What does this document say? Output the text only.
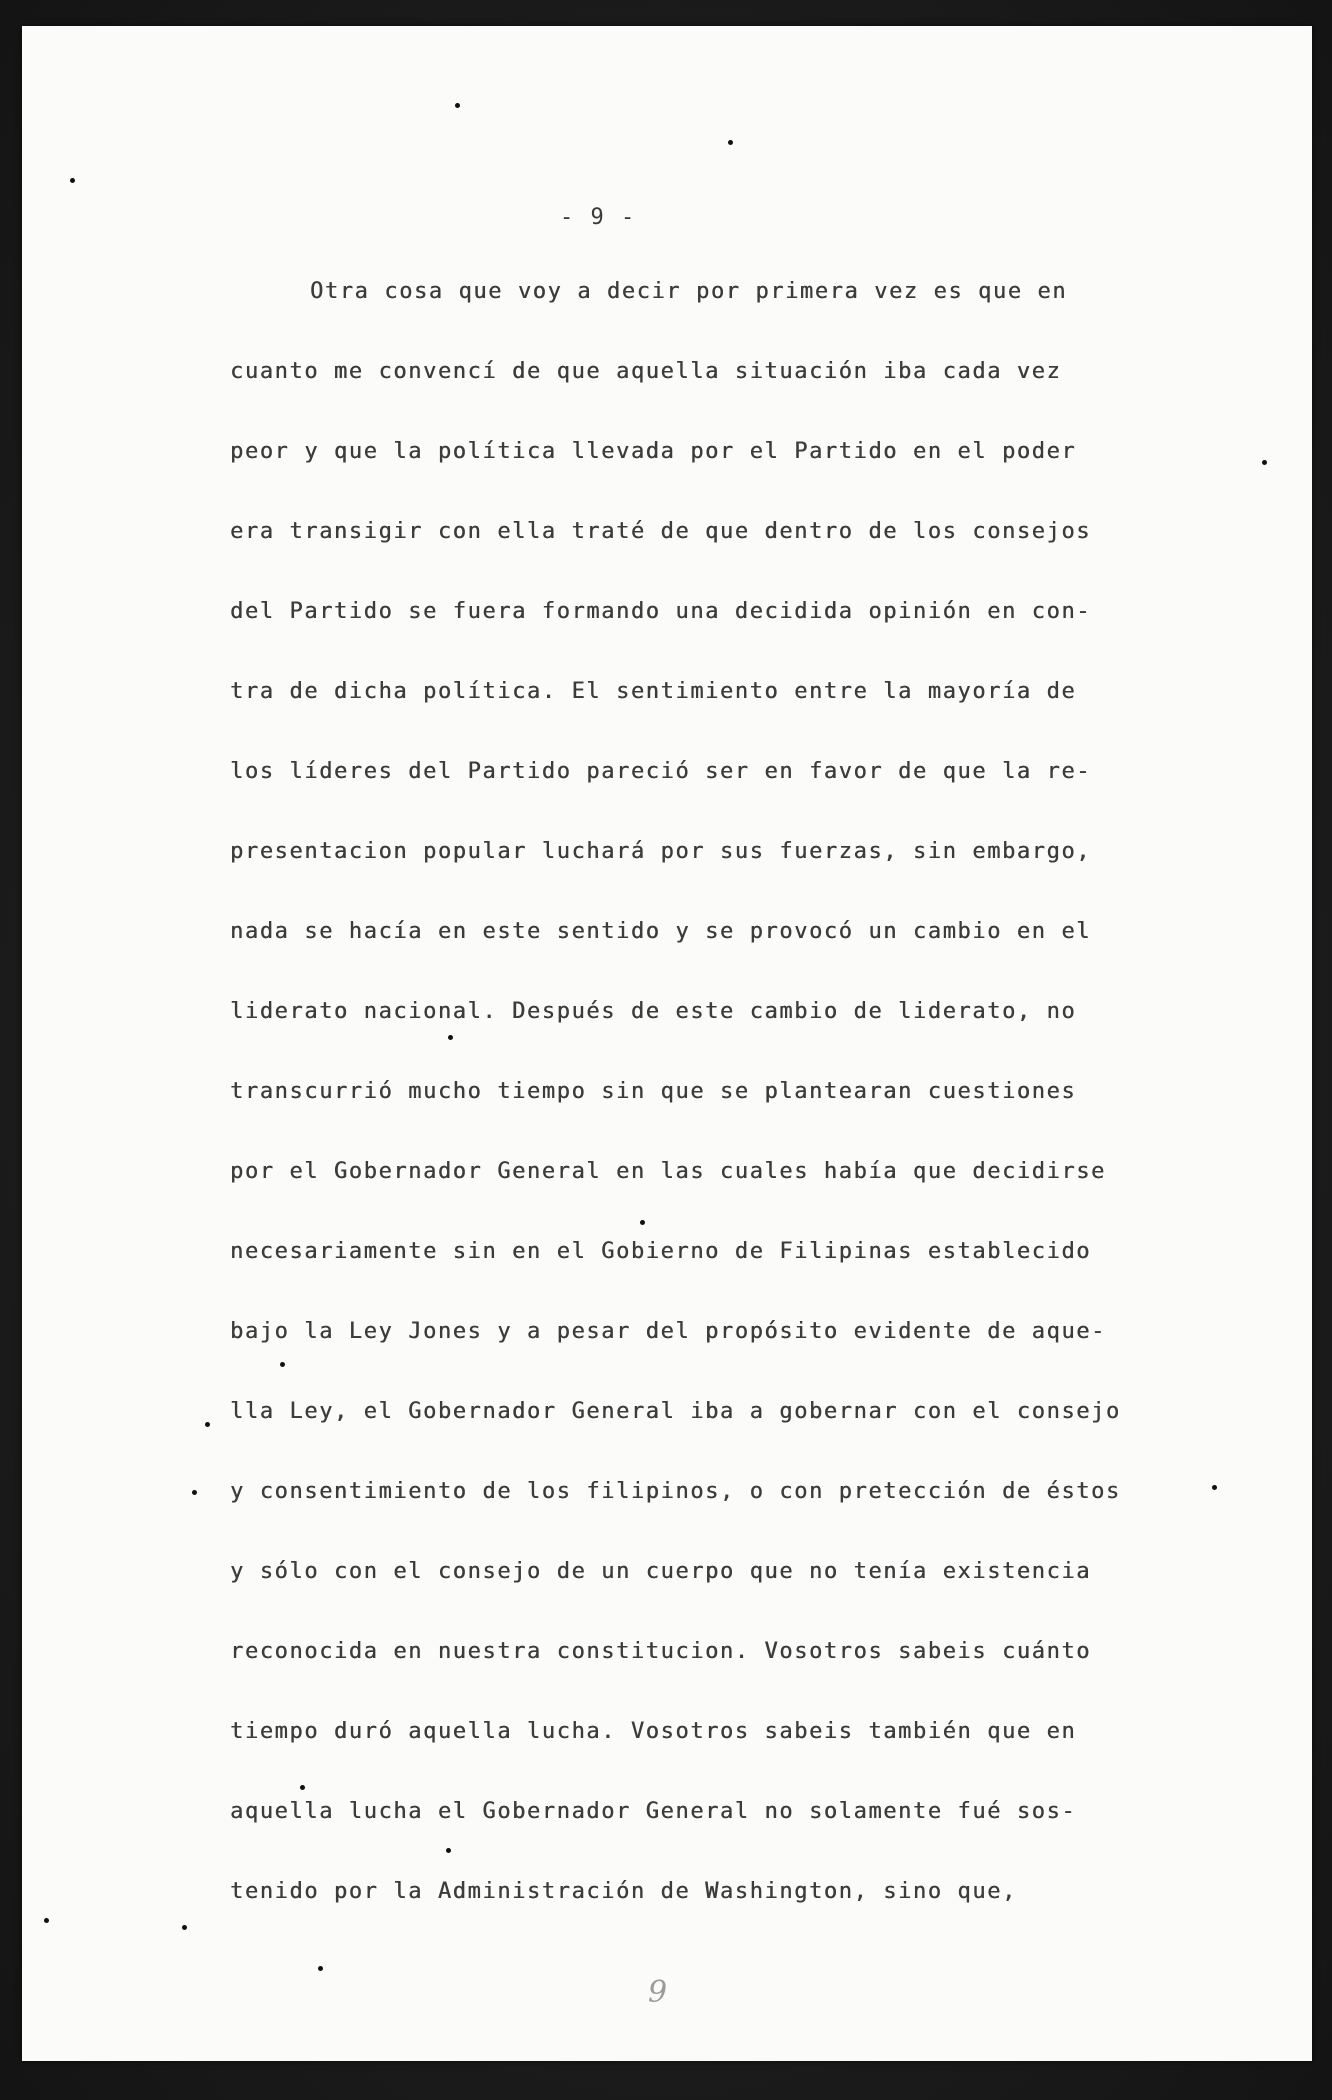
- 9 -
Otra cosa que voy a decir por primera vez es que en
cuanto me convencí de que aquella situación iba cada vez
peor y que la política llevada por el Partido en el poder
era transigir con ella traté de que dentro de los consejos
del Partido se fuera formando una decidida opinión en con-
tra de dicha política. El sentimiento entre la mayoría de
los líderes del Partido pareció ser en favor de que la re-
presentacion popular luchará por sus fuerzas, sin embargo,
nada se hacía en este sentido y se provocó un cambio en el
liderato nacional. Después de este cambio de liderato, no
transcurrió mucho tiempo sin que se plantearan cuestiones
por el Gobernador General en las cuales había que decidirse
necesariamente sin en el Gobierno de Filipinas establecido
bajo la Ley Jones y a pesar del propósito evidente de aque-
lla Ley, el Gobernador General iba a gobernar con el consejo
y consentimiento de los filipinos, o con pretección de éstos
y sólo con el consejo de un cuerpo que no tenía existencia
reconocida en nuestra constitucion. Vosotros sabeis cuánto
tiempo duró aquella lucha. Vosotros sabeis también que en
aquella lucha el Gobernador General no solamente fué sos-
tenido por la Administración de Washington, sino que,
9
